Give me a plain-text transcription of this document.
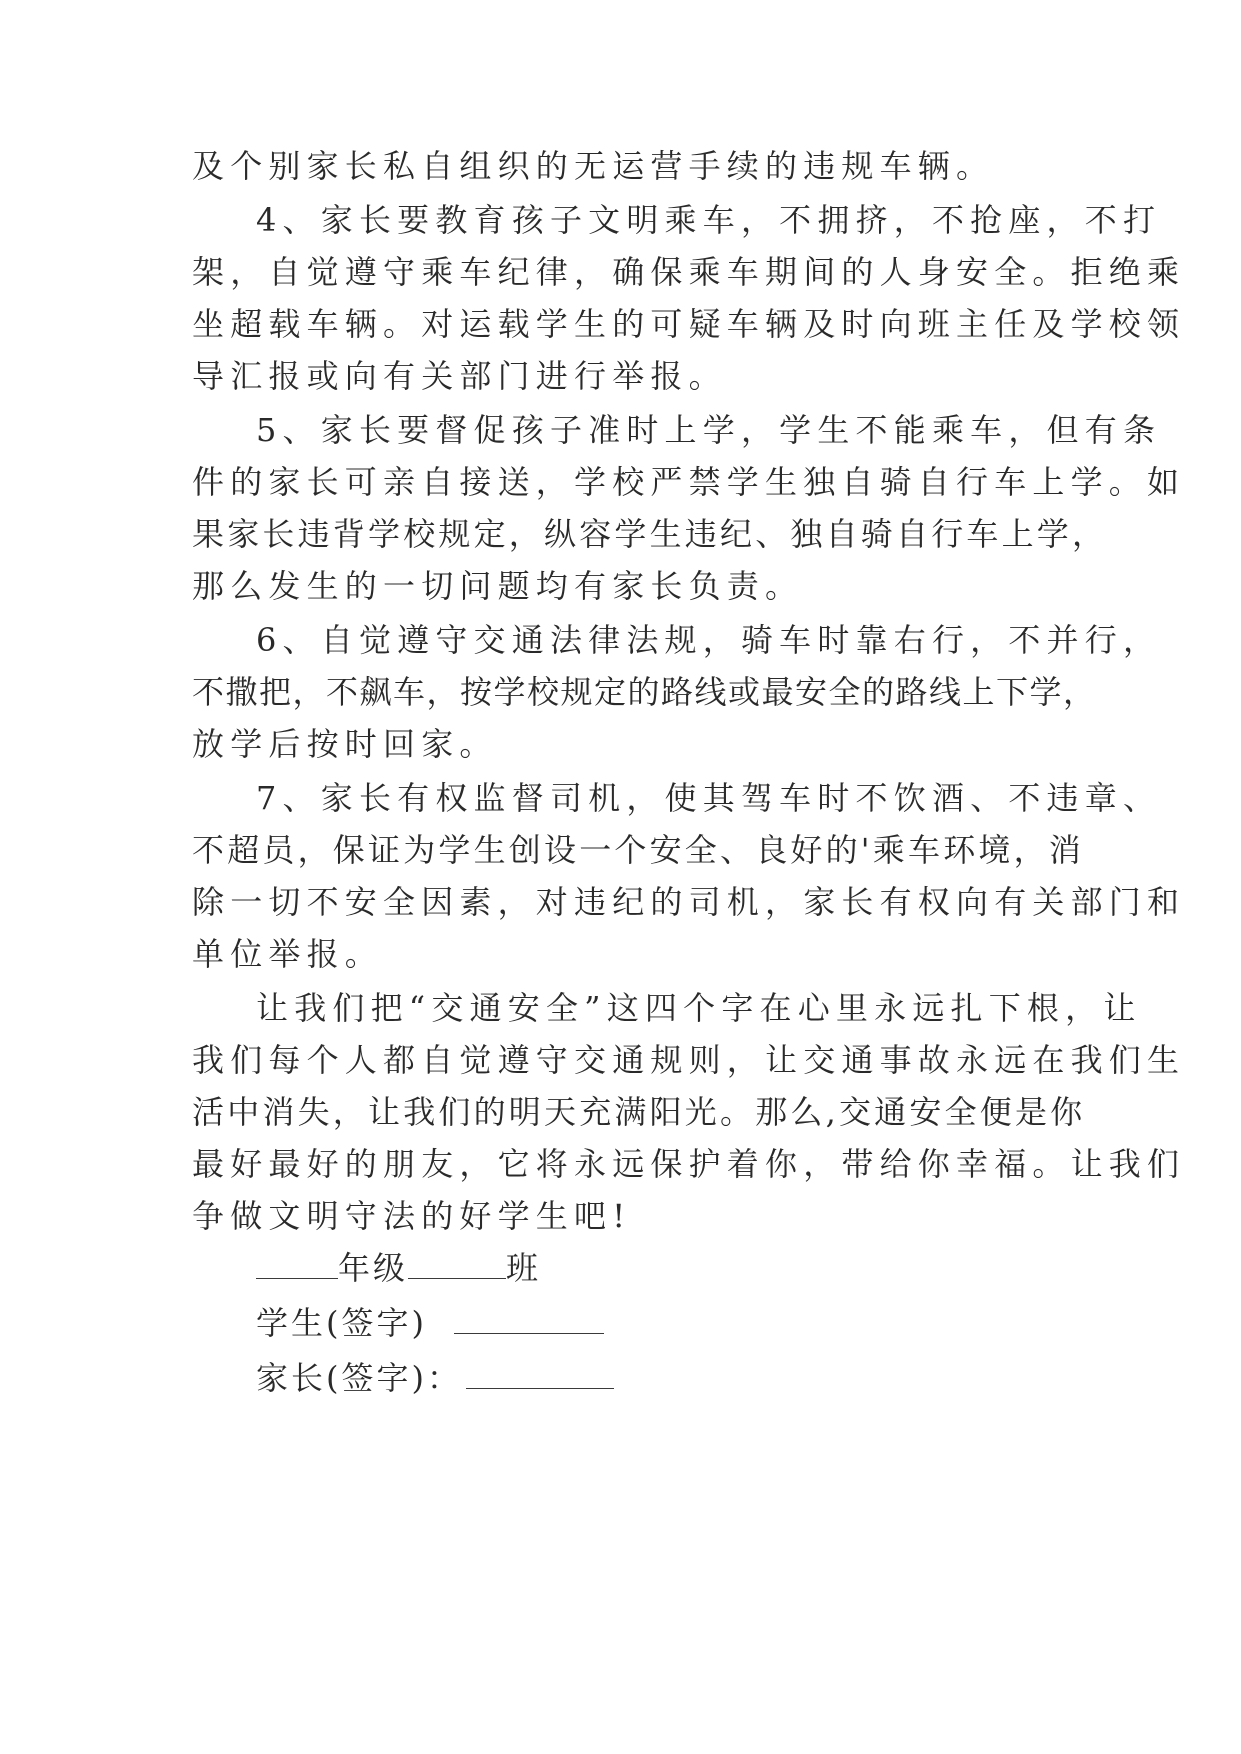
及个别家长私自组织的无运营手续的违规车辆。
4、家长要教育孩子文明乘车，不拥挤，不抢座，不打
架，自觉遵守乘车纪律，确保乘车期间的人身安全。拒绝乘
坐超载车辆。对运载学生的可疑车辆及时向班主任及学校领
导汇报或向有关部门进行举报。
5、家长要督促孩子准时上学，学生不能乘车，但有条
件的家长可亲自接送，学校严禁学生独自骑自行车上学。如
果家长违背学校规定，纵容学生违纪、独自骑自行车上学，
那么发生的一切问题均有家长负责。
6、自觉遵守交通法律法规，骑车时靠右行，不并行，
不撒把，不飙车，按学校规定的路线或最安全的路线上下学，
放学后按时回家。
7、家长有权监督司机，使其驾车时不饮酒、不违章、
不超员，保证为学生创设一个安全、良好的'乘车环境，消
除一切不安全因素，对违纪的司机，家长有权向有关部门和
单位举报。
让我们把“交通安全”这四个字在心里永远扎下根，让
我们每个人都自觉遵守交通规则，让交通事故永远在我们生
活中消失，让我们的明天充满阳光。那么,交通安全便是你
最好最好的朋友，它将永远保护着你，带给你幸福。让我们
争做文明守法的好学生吧!
年级	班
学生(签字)
家长(签字)：
